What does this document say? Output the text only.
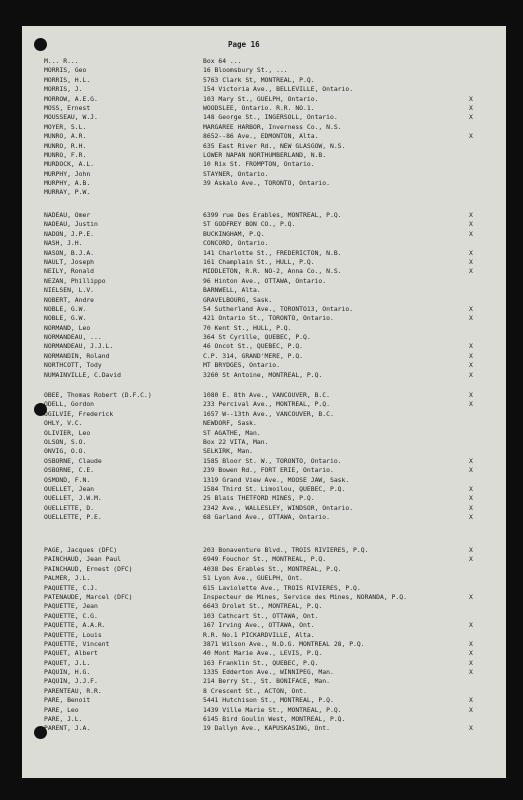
Page 16
M... R...	Box 64 ...
MORRIS, Geo	16 Bloomsbury St., ...
MORRIS, H.L.	5763 Clark St, MONTREAL, P.Q.
MORRIS, J.	154 Victoria Ave., BELLEVILLE, Ontario.
MORROW, A.E.G.	103 Mary St., GUELPH, Ontario.	X
MOSS, Ernest	WOODSLEE, Ontario. R.R. NO.1.	X
MOUSSEAU, W.J.	148 George St., INGERSOLL, Ontario.	X
MOYER, S.L.	MARGAREE HARBOR, Inverness Co., N.S.
MUNRO, A.R.	8652--86 Ave., EDMONTON, Alta.	X
MUNRO, R.H.	635 East River Rd., NEW GLASGOW, N.S.
MUNRO, F.R.	LOWER NAPAN NORTHUMBERLAND, N.B.
MURDOCK, A.L.	10 Rix St. FROMPTON, Ontario.
MURPHY, John	STAYNER, Ontario.
MURPHY, A.B.	39 Askalo Ave., TORONTO, Ontario.
MURRAY, P.W.
NADEAU, Omer	6399 rue Des Erables, MONTREAL, P.Q.	X
NADEAU, Justin	ST GODFREY BON CO., P.Q.	X
NADON, J.P.E.	BUCKINGHAM, P.Q.	X
NASH, J.H.	CONCORD, Ontario.
NASON, B.J.A.	141 Charlotte St., FREDERICTON, N.B.	X
NAULT, Joseph	161 Champlain St., HULL, P.Q.	X
NEILY, Ronald	MIDDLETON, R.R. NO-2, Anna Co., N.S.	X
NEZAN, Phillippo	96 Hinton Ave., OTTAWA, Ontario.
NIELSEN, L.V.	BARNWELL, Alta.
NOBERT, Andre	GRAVELBOURG, Sask.
NOBLE, G.W.	54 Sutherland Ave., TORONTO13, Ontario.	X
NOBLE, G.W.	421 Ontario St., TORONTO, Ontario.	X
NORMAND, Leo	70 Kent St., HULL, P.Q.
NORMANDEAU, ...	364 St Cyrille, QUEBEC, P.Q.
NORMANDEAU, J.J.L.	46 Oncot St., QUEBEC, P.Q.	X
NORMANDIN, Roland	C.P. 314, GRAND'MERE, P.Q.	X
NORTHCOTT, Tody	MT BRYDGES, Ontario.	X
NUMAINVILLE, C.David	3260 St Antoine, MONTREAL, P.Q.	X
OBEE, Thomas Robert (D.F.C.)	1080 E. 8th Ave., VANCOUVER, B.C.	X
ODELL, Gordon	233 Percival Ave., MONTREAL, P.Q.	X
OGILVIE, Frederick	1657 W--13th Ave., VANCOUVER, B.C.
OHLY, V.C.	NEWDORF, Sask.
OLIVIER, Leo	ST AGATHE, Man.
OLSON, S.O.	Box 22 VITA, Man.
ONVIG, O.O.	SELKIRK, Man.
OSBORNE, Claude	1585 Bloor St. W., TORONTO, Ontario.	X
OSBORNE, C.E.	239 Bowen Rd., FORT ERIE, Ontario.	X
OSMOND, F.N.	1319 Grand View Ave., MOOSE JAW, Sask.
OUELLET, Jean	1584 Third St. Limoilou, QUEBEC, P.Q.	X
OUELLET, J.W.M.	25 Blais THETFORD MINES, P.Q.	X
OUELLETTE, D.	2342 Ave., WALLESLEY, WINDSOR, Ontario.	X
OUELLETTE, P.E.	68 Garland Ave., OTTAWA, Ontario.	X
PAGE, Jacques (DFC)	203 Bonaventure Blvd., TROIS RIVIERES, P.Q.	X
PAINCHAUD, Jean Paul	6949 Fouchor St., MONTREAL, P.Q.	X
PAINCHAUD, Ernest (DFC)	4038 Des Erables St., MONTREAL, P.Q.
PALMER, J.L.	51 Lyon Ave., GUELPH, Ont.
PAQUETTE, C.J.	615 Laviolette Ave., TROIS RIVIERES, P.Q.
PATENAUDE, Marcel (DFC)	Inspecteur de Mines, Service des Mines, NORANDA, P.Q.	X
PAQUETTE, Jean	6643 Drolet St., MONTREAL, P.Q.
PAQUETTE, C.G.	103 Cathcart St., OTTAWA, Ont.
PAQUETTE, A.A.R.	167 Irving Ave., OTTAWA, Ont.	X
PAQUETTE, Louis	R.R. No.1 PICKARDVILLE, Alta.
PAQUETTE, Vincent	3871 Wilson Ave., N.D.G. MONTREAL 28, P.Q.	X
PAQUET, Albert	40 Mont Marie Ave., LEVIS, P.Q.	X
PAQUET, J.L.	163 Franklin St., QUEBEC, P.Q.	X
PAQUIN, H.G.	1335 Edderton Ave., WINNIPEG, Man.	X
PAQUIN, J.J.F.	214 Berry St., St. BONIFACE, Man.
PARENTEAU, R.R.	8 Crescent St., ACTON, Ont.
PARE, Benoit	5441 Hutchison St., MONTREAL, P.Q.	X
PARE, Leo	1439 Ville Marie St., MONTREAL, P.Q.	X
PARE, J.L.	6145 Bird Goulin West, MONTREAL, P.Q.
PARENT, J.A.	19 Dallyn Ave., KAPUSKASING, Ont.	X
